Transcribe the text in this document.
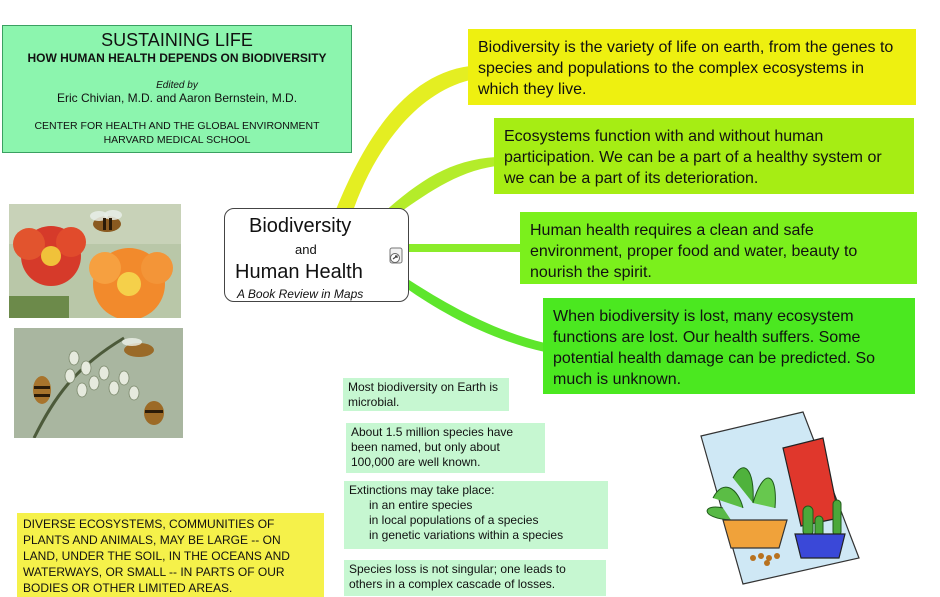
SUSTAINING LIFE
HOW HUMAN HEALTH DEPENDS ON BIODIVERSITY
Edited by
Eric Chivian, M.D. and Aaron Bernstein, M.D.
CENTER FOR HEALTH AND THE GLOBAL ENVIRONMENT
HARVARD MEDICAL SCHOOL
Biodiversity
and
Human Health
A Book Review in Maps
Biodiversity is the variety of life on earth, from the genes to species and populations to the complex ecosystems in which they live.
Ecosystems function with and without human participation. We can be a part of a healthy system or we can be a part of its deterioration.
Human health requires a clean and safe environment, proper food and water, beauty to nourish the spirit.
When biodiversity is lost, many ecosystem functions are lost. Our health suffers. Some potential health damage can be predicted. So much is unknown.
Most biodiversity on Earth is microbial.
About 1.5 million species have been named, but only about 100,000 are well known.
Extinctions may take place:
in an entire species
in local populations of a species
in genetic variations within a species
Species loss is not singular; one leads to others in a complex cascade of losses.
DIVERSE ECOSYSTEMS, COMMUNITIES OF PLANTS AND ANIMALS, MAY BE LARGE -- ON LAND, UNDER THE SOIL, IN THE OCEANS AND WATERWAYS, OR SMALL -- IN PARTS OF OUR BODIES OR OTHER LIMITED AREAS.
